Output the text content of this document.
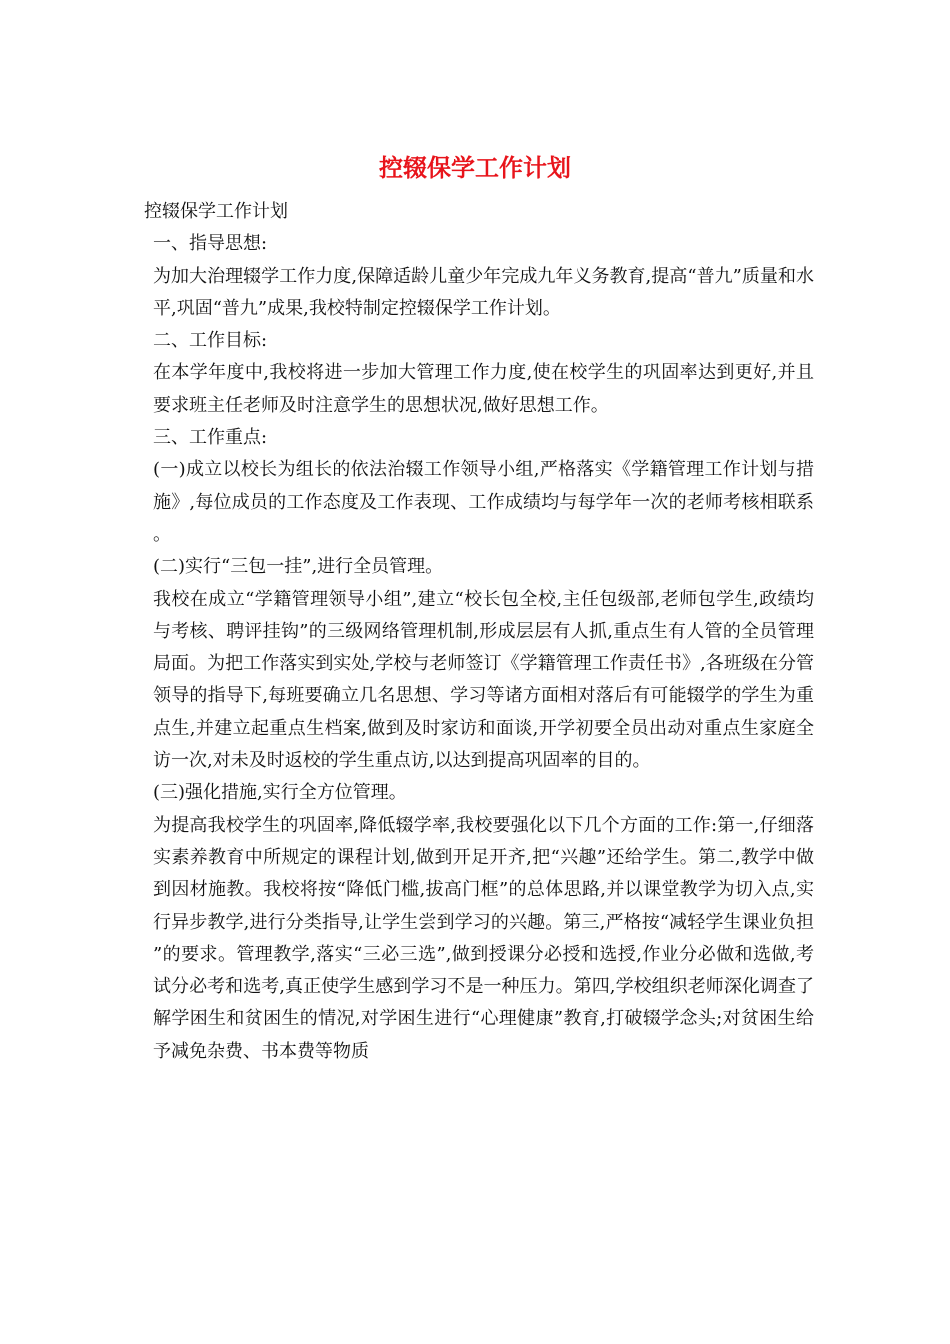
控辍保学工作计划

控辍保学工作计划

一、指导思想:

为加大治理辍学工作力度,保障适龄儿童少年完成九年义务教育,提高“普九”质量和水平,巩固“普九”成果,我校特制定控辍保学工作计划。

二、工作目标:

在本学年度中,我校将进一步加大管理工作力度,使在校学生的巩固率达到更好,并且要求班主任老师及时注意学生的思想状况,做好思想工作。

三、工作重点:

(一)成立以校长为组长的依法治辍工作领导小组,严格落实《学籍管理工作计划与措施》,每位成员的工作态度及工作表现、工作成绩均与每学年一次的老师考核相联系。

(二)实行“三包一挂”,进行全员管理。

我校在成立“学籍管理领导小组”,建立“校长包全校,主任包级部,老师包学生,政绩均与考核、聘评挂钩”的三级网络管理机制,形成层层有人抓,重点生有人管的全员管理局面。为把工作落实到实处,学校与老师签订《学籍管理工作责任书》,各班级在分管领导的指导下,每班要确立几名思想、学习等诸方面相对落后有可能辍学的学生为重点生,并建立起重点生档案,做到及时家访和面谈,开学初要全员出动对重点生家庭全访一次,对未及时返校的学生重点访,以达到提高巩固率的目的。

(三)强化措施,实行全方位管理。

为提高我校学生的巩固率,降低辍学率,我校要强化以下几个方面的工作:第一,仔细落实素养教育中所规定的课程计划,做到开足开齐,把“兴趣”还给学生。第二,教学中做到因材施教。我校将按“降低门槛,拔高门框”的总体思路,并以课堂教学为切入点,实行异步教学,进行分类指导,让学生尝到学习的兴趣。第三,严格按“减轻学生课业负担”的要求。管理教学,落实“三必三选”,做到授课分必授和选授,作业分必做和选做,考试分必考和选考,真正使学生感到学习不是一种压力。第四,学校组织老师深化调查了解学困生和贫困生的情况,对学困生进行“心理健康”教育,打破辍学念头;对贫困生给予减免杂费、书本费等物质
